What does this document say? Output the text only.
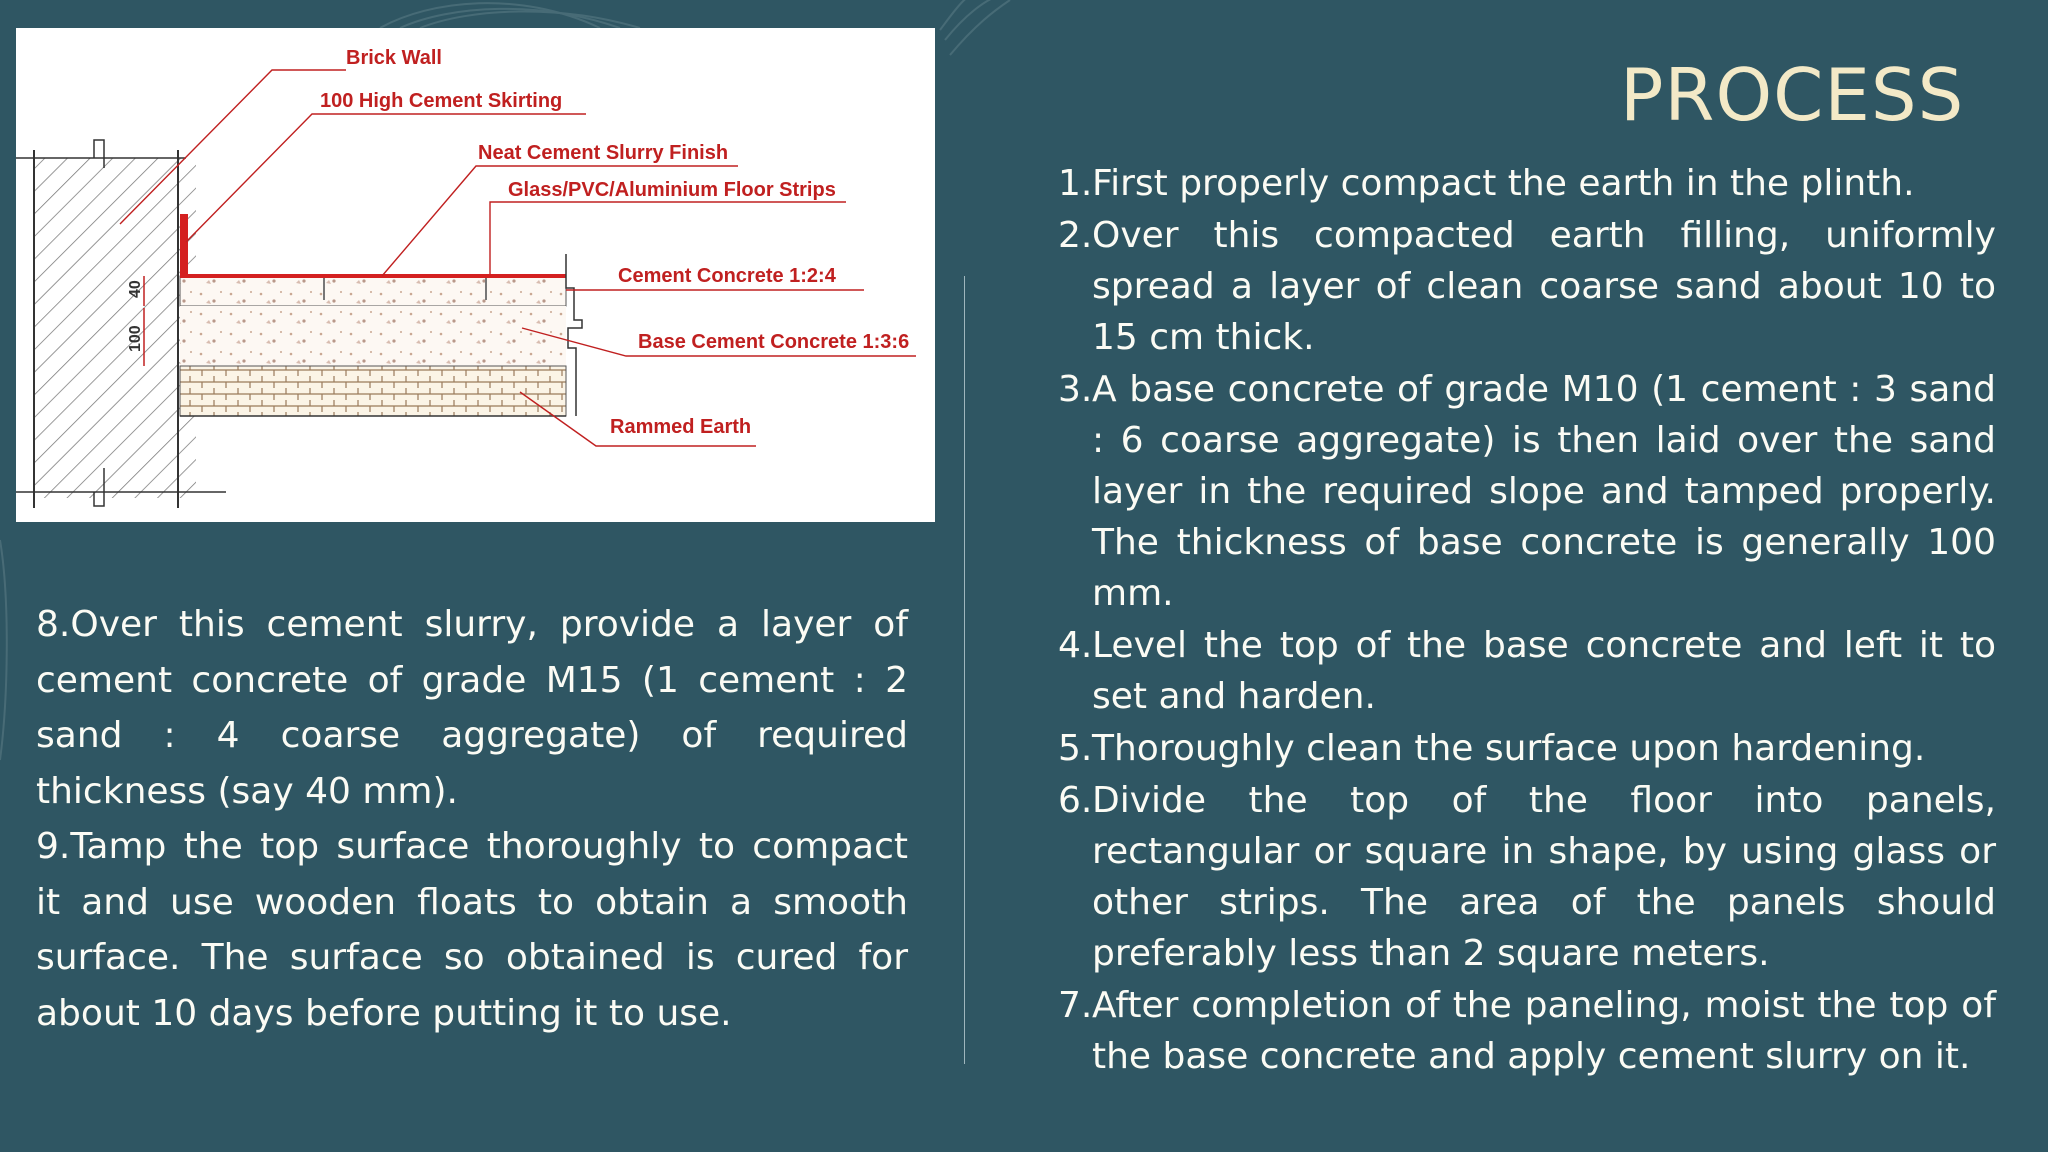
40
100
Brick Wall
100 High Cement Skirting
Neat Cement Slurry Finish
Glass/PVC/Aluminium Floor Strips
Cement Concrete 1:2:4
Base Cement Concrete 1:3:6
Rammed Earth
PROCESS
1. First properly compact the earth in the plinth.
2. Over this compacted earth filling, uniformly spread a layer of clean coarse sand about 10 to 15 cm thick.
3. A base concrete of grade M10 (1 cement : 3 sand : 6 coarse aggregate) is then laid over the sand layer in the required slope and tamped properly. The thickness of base concrete is generally 100 mm.
4. Level the top of the base concrete and left it to set and harden.
5. Thoroughly clean the surface upon hardening.
6. Divide the top of the floor into panels, rectangular or square in shape, by using glass or other strips. The area of the panels should preferably less than 2 square meters.
7. After completion of the paneling, moist the top of the base concrete and apply cement slurry on it.
8.Over this cement slurry, provide a layer of cement concrete of grade M15 (1 cement : 2 sand : 4 coarse aggregate) of required thickness (say 40 mm).
9.Tamp the top surface thoroughly to compact it and use wooden floats to obtain a smooth surface. The surface so obtained is cured for about 10 days before putting it to use.
